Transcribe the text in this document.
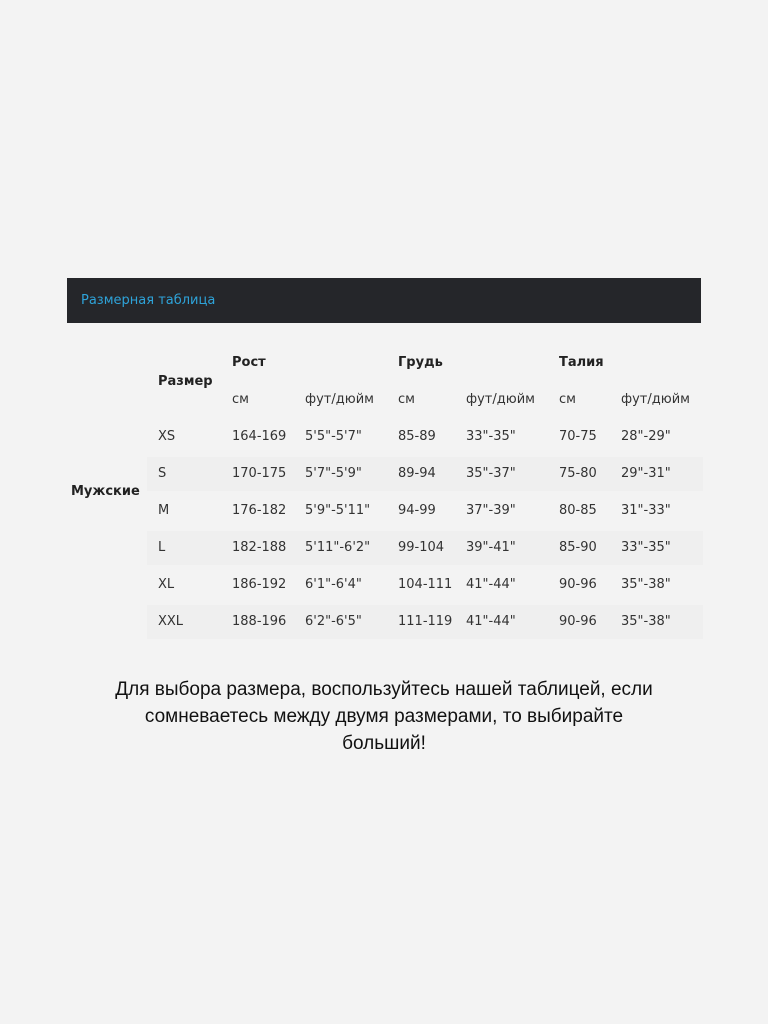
Размерная таблица
Размер
Рост	Грудь	Талия
см	фут/дюйм см	фут/дюйм см	фут/дюйм
Мужские
XS	164-169 5'5"-5'7"	85-89 33"-35"	70-75 28"-29"
S	170-175 5'7"-5'9"	89-94 35"-37"	75-80 29"-31"
M	176-182 5'9"-5'11" 94-99 37"-39"	80-85 31"-33"
L	182-188 5'11"-6'2" 99-104 39"-41"	85-90 33"-35"
XL	186-192 6'1"-6'4"	104-111 41"-44"	90-96 35"-38"
XXL	188-196 6'2"-6'5"	111-119 41"-44"	90-96 35"-38"
Для выбора размера, воспользуйтесь нашей таблицей, если
сомневаетесь между двумя размерами, то выбирайте
больший!
